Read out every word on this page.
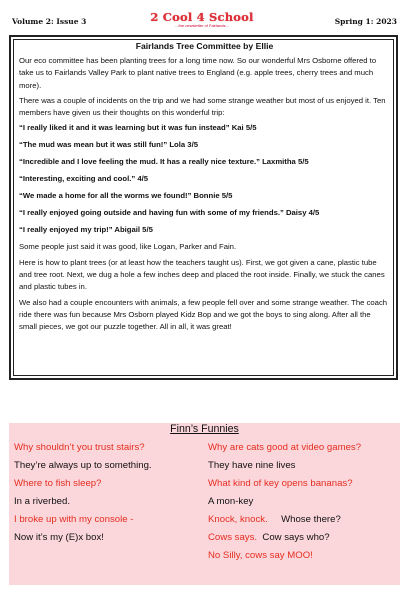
Volume 2: Issue 3	2 Cool 4 School
...the newsletter of Fairlands...	Spring 1: 2023
Fairlands Tree Committee by Ellie
Our eco committee has been planting trees for a long time now. So our wonderful Mrs Osborne offered to take us to Fairlands Valley Park to plant native trees to England (e.g. apple trees, cherry trees and much more).
There was a couple of incidents on the trip and we had some strange weather but most of us enjoyed it. Ten members have given us their thoughts on this wonderful trip:
“I really liked it and it was learning but it was fun instead” Kai 5/5
“The mud was mean but it was still fun!” Lola 3/5
“Incredible and I love feeling the mud. It has a really nice texture.” Laxmitha 5/5
“Interesting, exciting and cool.” 4/5
“We made a home for all the worms we found!” Bonnie 5/5
“I really enjoyed going outside and having fun with some of my friends.” Daisy 4/5
“I really enjoyed my trip!” Abigail 5/5
Some people just said it was good, like Logan, Parker and Fain.
Here is how to plant trees (or at least how the teachers taught us). First, we got given a cane, plastic tube and tree root. Next, we dug a hole a few inches deep and placed the root inside. Finally, we stuck the canes and plastic tubes in.
We also had a couple encounters with animals, a few people fell over and some strange weather. The coach ride there was fun because Mrs Osborn played Kidz Bop and we got the boys to sing along. After all the small pieces, we got our puzzle together. All in all, it was great!
Finn’s Funnies
Why shouldn’t you trust stairs?
They’re always up to something.
Where to fish sleep?
In a riverbed.
I broke up with my console -
Now it’s my (E)x box!
Why are cats good at video games?
They have nine lives
What kind of key opens bananas?
A mon-key
Knock, knock. Whose there?
Cows says. Cow says who?
No Silly, cows say MOO!
